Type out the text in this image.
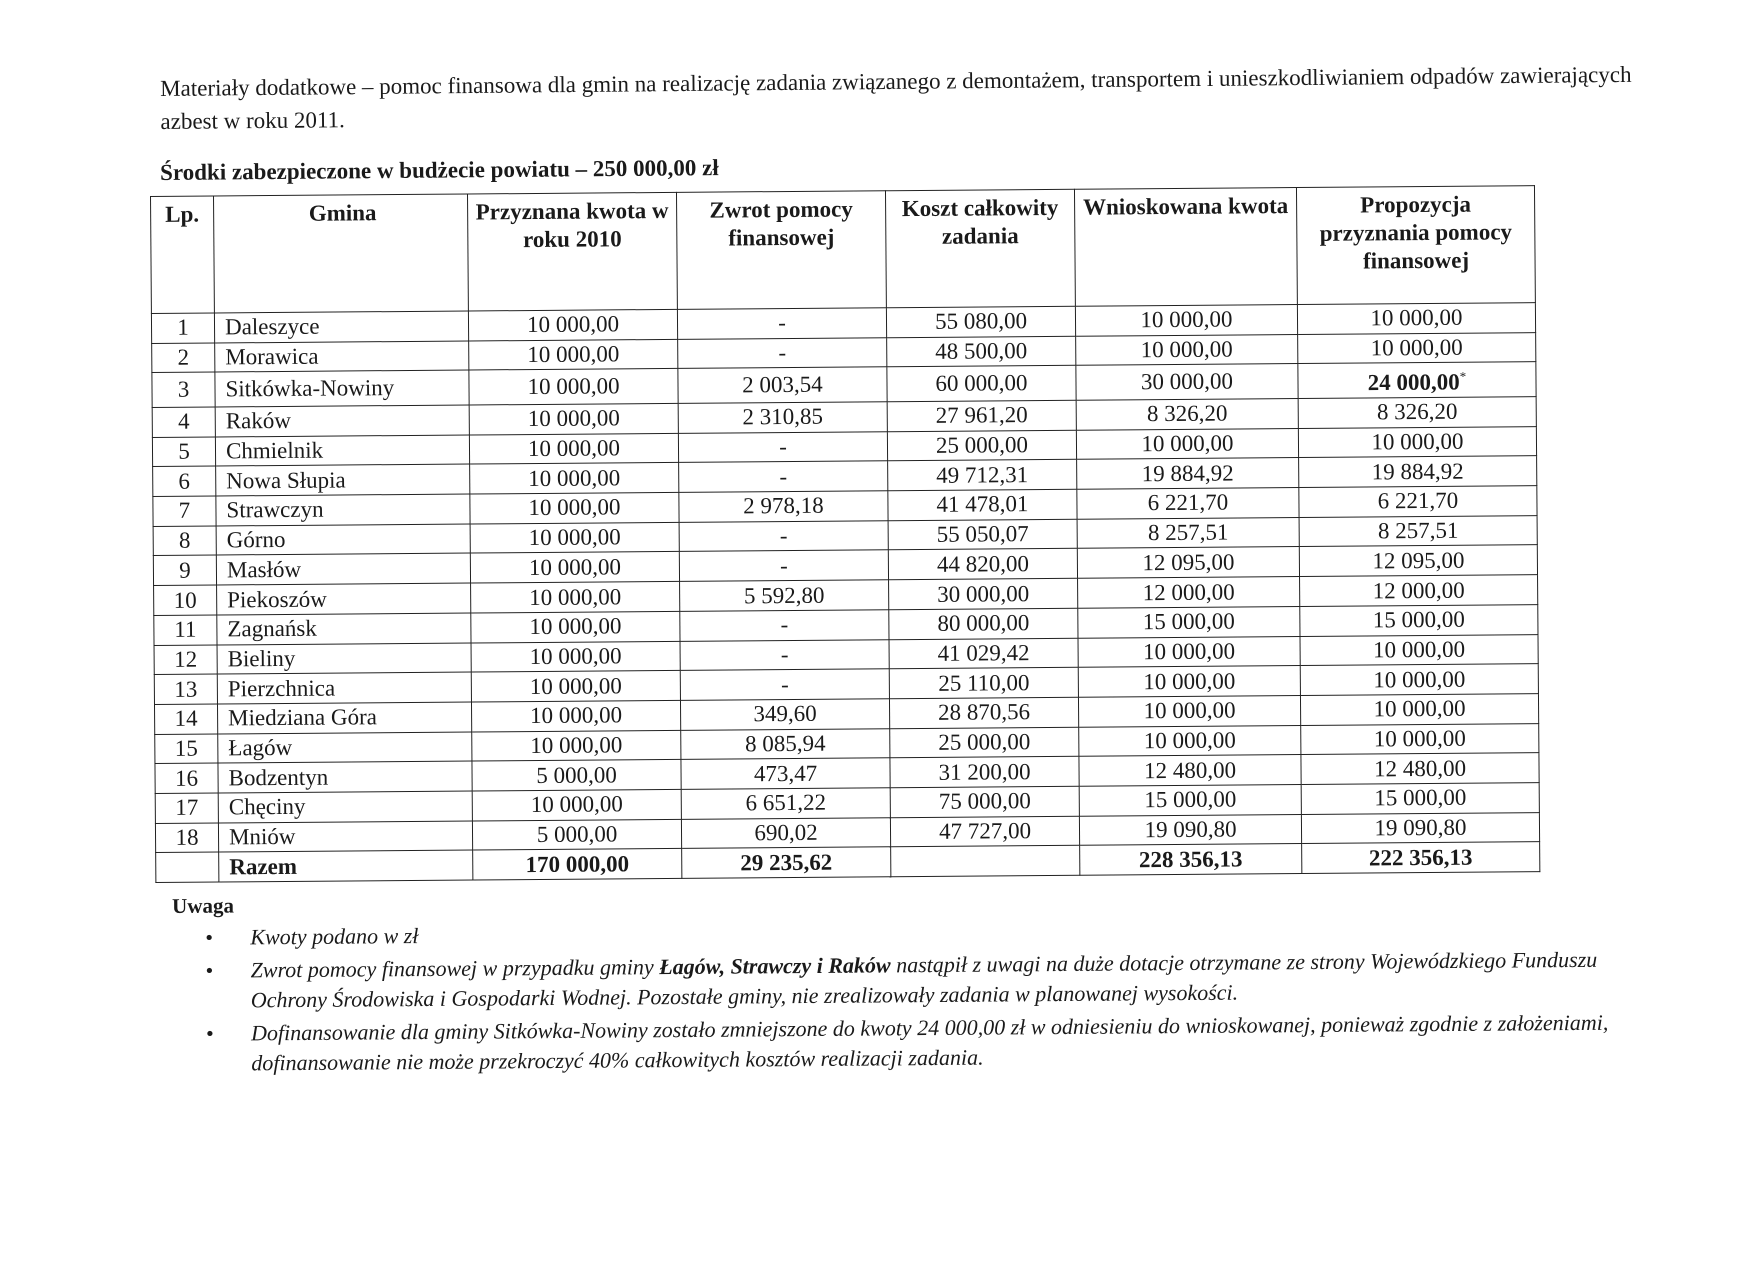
Materiały dodatkowe – pomoc finansowa dla gmin na realizację zadania związanego z demontażem, transportem i unieszkodliwianiem odpadów zawierających azbest w roku 2011.
Środki zabezpieczone w budżecie powiatu – 250 000,00 zł
Lp.	Gmina	Przyznana kwota w roku 2010	Zwrot pomocy finansowej	Koszt całkowity zadania	Wnioskowana kwota	Propozycja przyznania pomocy finansowej
1	Daleszyce	10 000,00	-	55 080,00	10 000,00	10 000,00
2	Morawica	10 000,00	-	48 500,00	10 000,00	10 000,00
3	Sitkówka-Nowiny	10 000,00	2 003,54	60 000,00	30 000,00	24 000,00*
4	Raków	10 000,00	2 310,85	27 961,20	8 326,20	8 326,20
5	Chmielnik	10 000,00	-	25 000,00	10 000,00	10 000,00
6	Nowa Słupia	10 000,00	-	49 712,31	19 884,92	19 884,92
7	Strawczyn	10 000,00	2 978,18	41 478,01	6 221,70	6 221,70
8	Górno	10 000,00	-	55 050,07	8 257,51	8 257,51
9	Masłów	10 000,00	-	44 820,00	12 095,00	12 095,00
10	Piekoszów	10 000,00	5 592,80	30 000,00	12 000,00	12 000,00
11	Zagnańsk	10 000,00	-	80 000,00	15 000,00	15 000,00
12	Bieliny	10 000,00	-	41 029,42	10 000,00	10 000,00
13	Pierzchnica	10 000,00	-	25 110,00	10 000,00	10 000,00
14	Miedziana Góra	10 000,00	349,60	28 870,56	10 000,00	10 000,00
15	Łagów	10 000,00	8 085,94	25 000,00	10 000,00	10 000,00
16	Bodzentyn	5 000,00	473,47	31 200,00	12 480,00	12 480,00
17	Chęciny	10 000,00	6 651,22	75 000,00	15 000,00	15 000,00
18	Mniów	5 000,00	690,02	47 727,00	19 090,80	19 090,80
	Razem	170 000,00	29 235,62		228 356,13	222 356,13
Uwaga
• Kwoty podano w zł
• Zwrot pomocy finansowej w przypadku gminy Łagów, Strawczy i Raków nastąpił z uwagi na duże dotacje otrzymane ze strony Wojewódzkiego Funduszu Ochrony Środowiska i Gospodarki Wodnej. Pozostałe gminy, nie zrealizowały zadania w planowanej wysokości.
• Dofinansowanie dla gminy Sitkówka-Nowiny zostało zmniejszone do kwoty 24 000,00 zł w odniesieniu do wnioskowanej, ponieważ zgodnie z założeniami, dofinansowanie nie może przekroczyć 40% całkowitych kosztów realizacji zadania.
